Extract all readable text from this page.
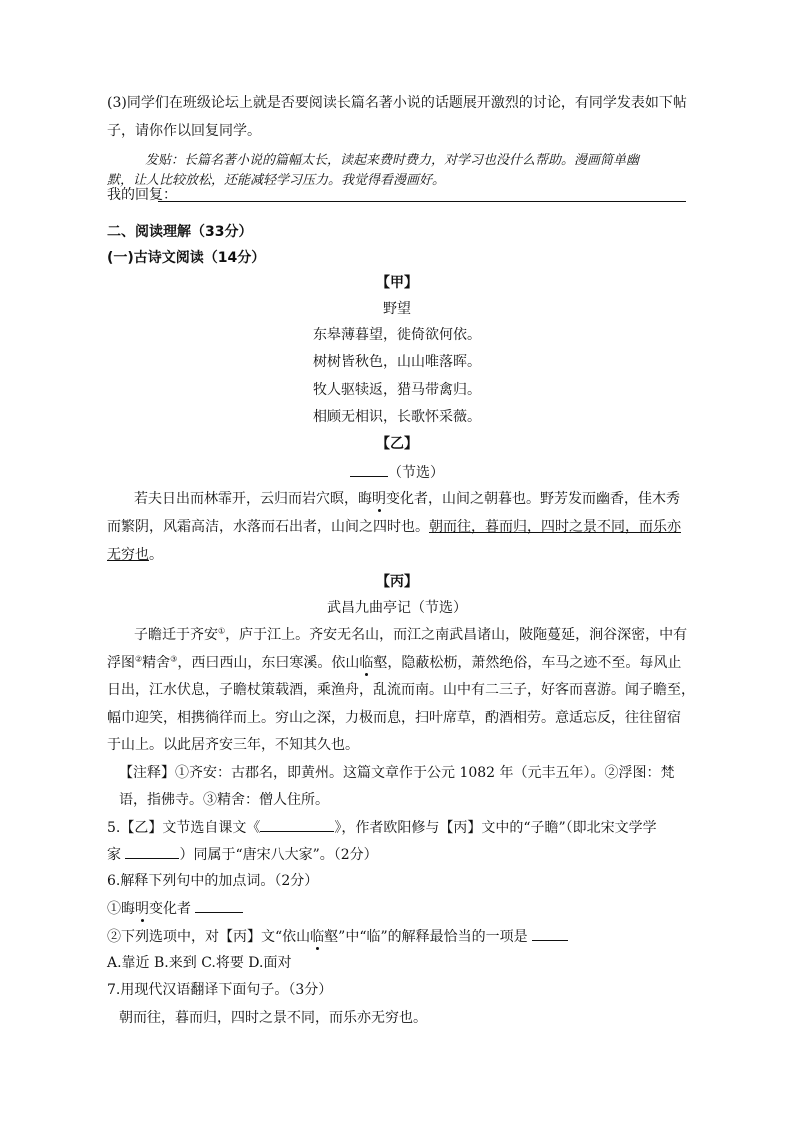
(3)同学们在班级论坛上就是否要阅读长篇名著小说的话题展开激烈的讨论，有同学发表如下帖
子，请你作以回复同学。
发贴：长篇名著小说的篇幅太长，读起来费时费力，对学习也没什么帮助。漫画简单幽
默，让人比较放松，还能减轻学习压力。我觉得看漫画好。
我的回复：
二、阅读理解（33分）
(一)古诗文阅读（14分）
【甲】
野望
东皋薄暮望，徙倚欲何依。
树树皆秋色，山山唯落晖。
牧人驱犊返，猎马带禽归。
相顾无相识，长歌怀采薇。
【乙】
（节选）
若夫日出而林霏开，云归而岩穴暝，晦明变化者，山间之朝暮也。野芳发而幽香，佳木秀
而繁阴，风霜高洁，水落而石出者，山间之四时也。朝而往，暮而归，四时之景不同，而乐亦
无穷也。
【丙】
武昌九曲亭记（节选）
子瞻迁于齐安①，庐于江上。齐安无名山，而江之南武昌诸山，陂陁蔓延，涧谷深密，中有
浮图②精舍③，西曰西山，东曰寒溪。依山临壑，隐蔽松枥，萧然绝俗，车马之迹不至。每风止
日出，江水伏息，子瞻杖策载酒，乘渔舟，乱流而南。山中有二三子，好客而喜游。闻子瞻至，
幅巾迎笑，相携徜徉而上。穷山之深，力极而息，扫叶席草，酌酒相劳。意适忘反，往往留宿
于山上。以此居齐安三年，不知其久也。
【注释】①齐安：古郡名，即黄州。这篇文章作于公元 1082 年（元丰五年）。②浮图：梵
语，指佛寺。③精舍：僧人住所。
5.【乙】文节选自课文《	》，作者欧阳修与【丙】文中的“子瞻”（即北宋文学学
家	）同属于“唐宋八大家”。（2分）
6.解释下列句中的加点词。（2分）
①晦明变化者
②下列选项中，对【丙】文“依山临壑”中“临”的解释最恰当的一项是
A.靠近 B.来到 C.将要 D.面对
7.用现代汉语翻译下面句子。（3分）
朝而往，暮而归，四时之景不同，而乐亦无穷也。
